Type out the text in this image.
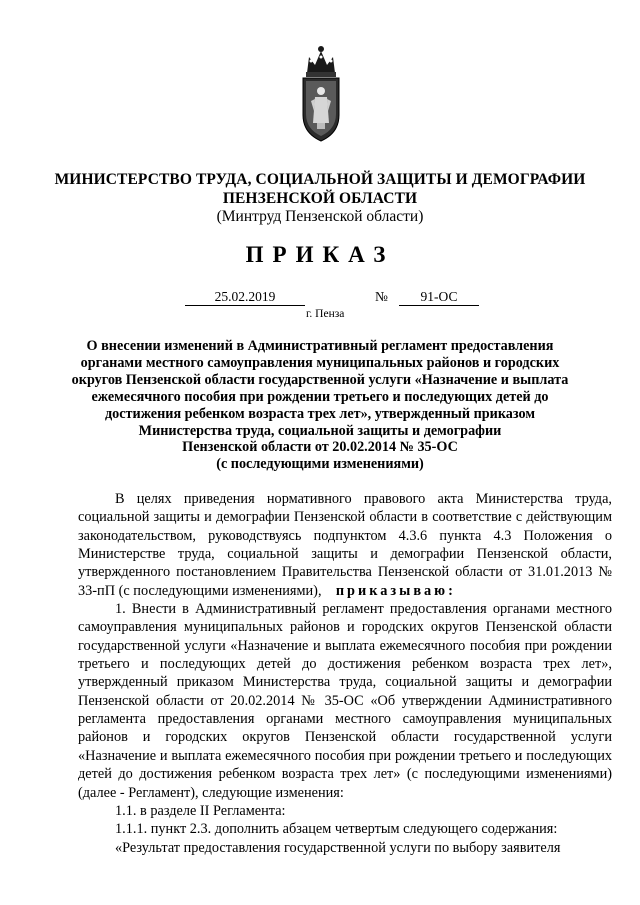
МИНИСТЕРСТВО ТРУДА, СОЦИАЛЬНОЙ ЗАЩИТЫ И ДЕМОГРАФИИ
ПЕНЗЕНСКОЙ ОБЛАСТИ
(Минтруд Пензенской области)
ПРИКАЗ
25.02.2019	№	91-ОС
г. Пенза
О внесении изменений в Административный регламент предоставления
органами местного самоуправления муниципальных районов и городских
округов Пензенской области государственной услуги «Назначение и выплата
ежемесячного пособия при рождении третьего и последующих детей до
достижения ребенком возраста трех лет», утвержденный приказом
Министерства труда, социальной защиты и демографии
Пензенской области от 20.02.2014 № 35-ОС
(с последующими изменениями)

В целях приведения нормативного правового акта Министерства труда, социальной защиты и демографии Пензенской области в соответствие с действующим законодательством, руководствуясь подпунктом 4.3.6 пункта 4.3 Положения о Министерстве труда, социальной защиты и демографии Пензенской области, утвержденного постановлением Правительства Пензенской области от 31.01.2013 № 33-пП (с последующими изменениями), приказываю:

1. Внести в Административный регламент предоставления органами местного самоуправления муниципальных районов и городских округов Пензенской области государственной услуги «Назначение и выплата ежемесячного пособия при рождении третьего и последующих детей до достижения ребенком возраста трех лет», утвержденный приказом Министерства труда, социальной защиты и демографии Пензенской области от 20.02.2014 № 35-ОС «Об утверждении Административного регламента предоставления органами местного самоуправления муниципальных районов и городских округов Пензенской области государственной услуги «Назначение и выплата ежемесячного пособия при рождении третьего и последующих детей до достижения ребенком возраста трех лет» (с последующими изменениями) (далее - Регламент), следующие изменения:

1.1. в разделе II Регламента:

1.1.1. пункт 2.3. дополнить абзацем четвертым следующего содержания:

«Результат предоставления государственной услуги по выбору заявителя
